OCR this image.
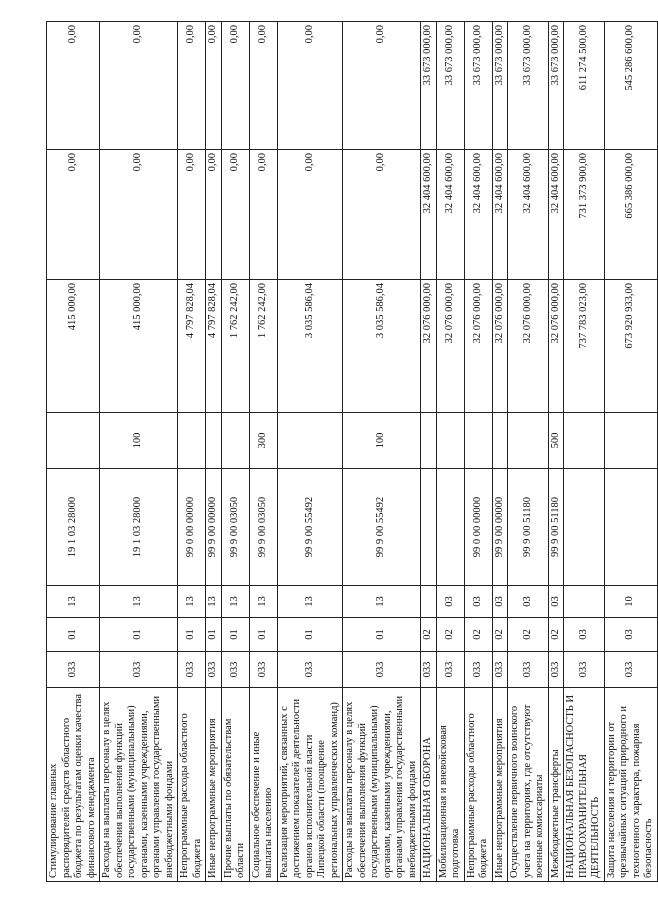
Стимулирование главных распорядителей средств областного бюджета по результатам оценки качества финансового менеджмента	033	01	13	19 1 03 28000		415 000,00	0,00	0,00
Расходы на выплаты персоналу в целях обеспечения выполнения функций государственными (муниципальными) органами, казенными учреждениями, органами управления государственными внебюджетными фондами	033	01	13	19 1 03 28000	100	415 000,00	0,00	0,00
Непрограммные расходы областного бюджета	033	01	13	99 0 00 00000		4 797 828,04	0,00	0,00
Иные непрограммные мероприятия	033	01	13	99 9 00 00000		4 797 828,04	0,00	0,00
Прочие выплаты по обязательствам области	033	01	13	99 9 00 03050		1 762 242,00	0,00	0,00
Социальное обеспечение и иные выплаты населению	033	01	13	99 9 00 03050	300	1 762 242,00	0,00	0,00
Реализация мероприятий, связанных с достижением показателей деятельности органов исполнительной власти Липецкой области (поощрение региональных управленческих команд)	033	01	13	99 9 00 55492		3 035 586,04	0,00	0,00
Расходы на выплаты персоналу в целях обеспечения выполнения функций государственными (муниципальными) органами, казенными учреждениями, органами управления государственными внебюджетными фондами	033	01	13	99 9 00 55492	100	3 035 586,04	0,00	0,00
НАЦИОНАЛЬНАЯ ОБОРОНА	033	02				32 076 000,00	32 404 600,00	33 673 000,00
Мобилизационная и вневойсковая подготовка	033	02	03			32 076 000,00	32 404 600,00	33 673 000,00
Непрограммные расходы областного бюджета	033	02	03	99 0 00 00000		32 076 000,00	32 404 600,00	33 673 000,00
Иные непрограммные мероприятия	033	02	03	99 9 00 00000		32 076 000,00	32 404 600,00	33 673 000,00
Осуществление первичного воинского учета на территориях, где отсутствуют военные комиссариаты	033	02	03	99 9 00 51180		32 076 000,00	32 404 600,00	33 673 000,00
Межбюджетные трансферты	033	02	03	99 9 00 51180	500	32 076 000,00	32 404 600,00	33 673 000,00
НАЦИОНАЛЬНАЯ БЕЗОПАСНОСТЬ И ПРАВООХРАНИТЕЛЬНАЯ ДЕЯТЕЛЬНОСТЬ	033	03				737 783 023,00	731 373 900,00	611 274 500,00
Защита населения и территории от чрезвычайных ситуаций природного и техногенного характера, пожарная безопасность	033	03	10			673 920 933,00	665 386 000,00	545 286 600,00
